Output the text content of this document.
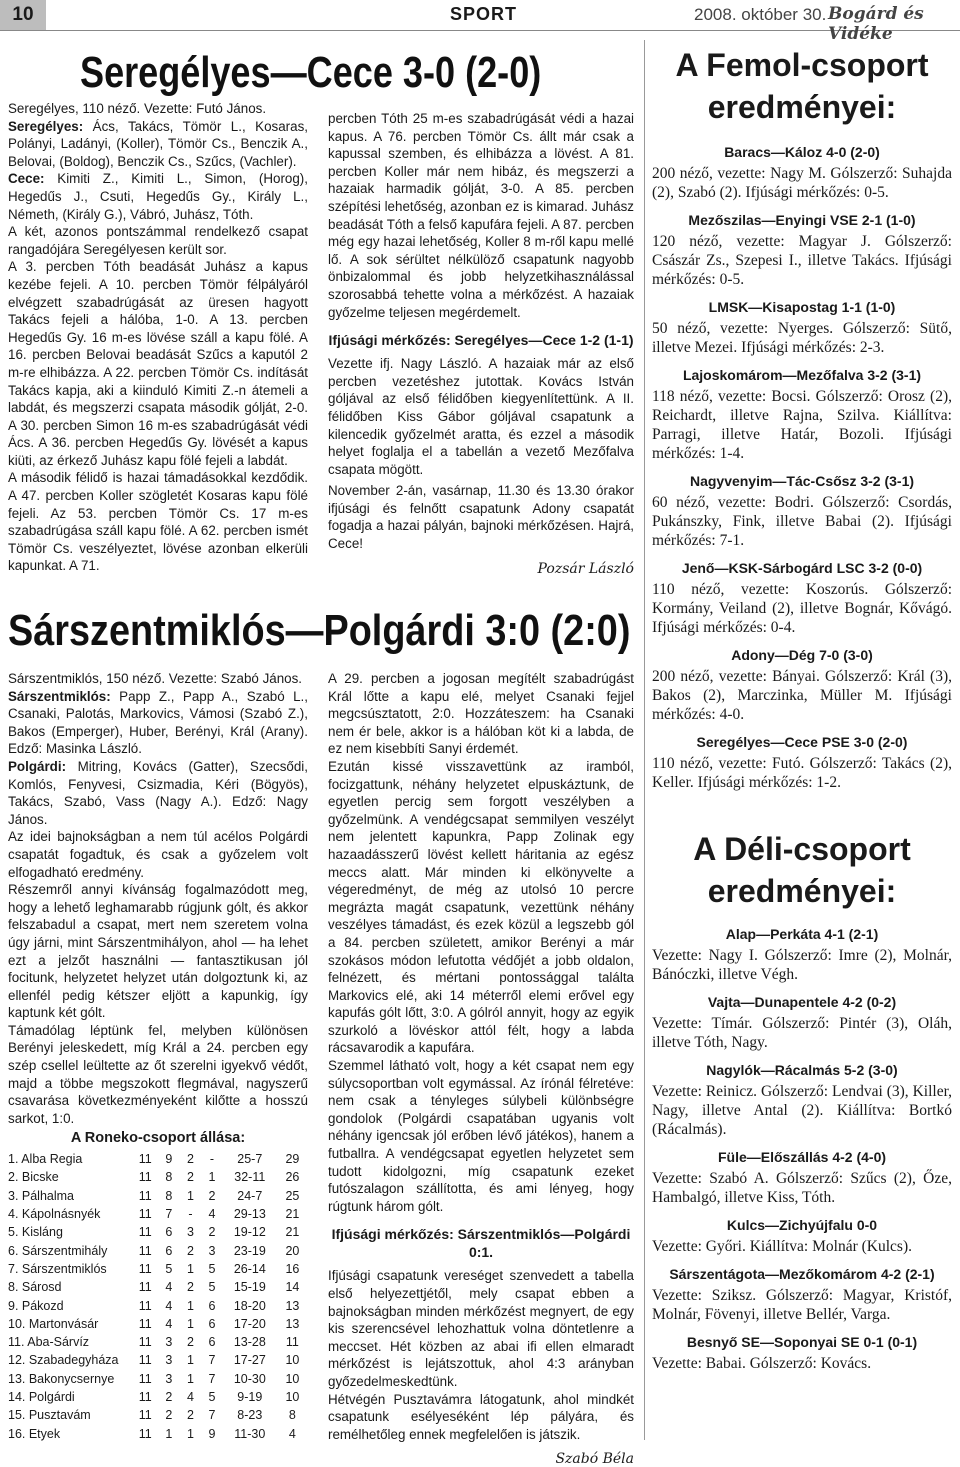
10	SPORT	2008. október 30. Bogárd és Vidéke
Seregélyes—Cece 3-0 (2-0)

Seregélyes, 110 néző. Vezette: Futó János.

Seregélyes: Ács, Takács, Tömör L., Kosaras, Polányi, Ladányi, (Koller), Tömör Cs., Benczik A., Belovai, (Boldog), Benczik Cs., Szűcs, (Vachler).

Cece: Kimiti Z., Kimiti L., Simon, (Horog), Hegedűs J., Csuti, Hegedűs Gy., Király L., Németh, (Király G.), Vábró, Juhász, Tóth.

A két, azonos pontszámmal rendelkező csapat rangadójára Seregélyesen került sor.

A 3. percben Tóth beadását Juhász a kapus kezébe fejeli. A 10. percben Tömör félpályáról elvégzett szabadrúgását az üresen hagyott Takács fejeli a hálóba, 1-0. A 13. percben Hegedűs Gy. 16 m-es lövése száll a kapu fölé. A 16. percben Belovai beadását Szűcs a kaputól 2 m-re elhibázza. A 22. percben Tömör Cs. indítását Takács kapja, aki a kiinduló Kimiti Z.-n átemeli a labdát, és megszerzi csapata második gólját, 2-0. A 30. percben Simon 16 m-es szabadrúgását védi Ács. A 36. percben Hegedűs Gy. lövését a kapus kiüti, az érkező Juhász kapu fölé fejeli a labdát.

A második félidő is hazai támadásokkal kezdődik. A 47. percben Koller szögletét Kosaras kapu fölé fejeli. Az 53. percben Tömör Cs. 17 m-es szabadrúgása száll kapu fölé. A 62. percben ismét Tömör Cs. veszélyeztet, lövése azonban elkerüli kapunkat. A 71.

percben Tóth 25 m-es szabadrúgását védi a hazai kapus. A 76. percben Tömör Cs. állt már csak a kapussal szemben, és elhibázza a lövést. A 81. percben Koller már nem hibáz, és megszerzi a hazaiak harmadik gólját, 3-0. A 85. percben szépítési lehetőség, azonban ez is kimarad. Juhász beadását Tóth a felső kapufára fejeli. A 87. percben még egy hazai lehetőség, Koller 8 m-ről kapu mellé lő. A sok sérültet nélkülöző csapatunk nagyobb önbizalommal és jobb helyzetkihasználással szorosabbá tehette volna a mérkőzést. A hazaiak győzelme teljesen megérdemelt.

Ifjúsági mérkőzés: Seregélyes—Cece 1-2 (1-1)

Vezette ifj. Nagy László. A hazaiak már az első percben vezetéshez jutottak. Kovács István góljával az első félidőben kiegyenlítettünk. A II. félidőben Kiss Gábor góljával csapatunk a kilencedik győzelmét aratta, és ezzel a második helyet foglalja el a tabellán a vezető Mezőfalva csapata mögött.

November 2-án, vasárnap, 11.30 és 13.30 órakor ifjúsági és felnőtt csapatunk Adony csapatát fogadja a hazai pályán, bajnoki mérkőzésen. Hajrá, Cece!

Pozsár László
Sárszentmiklós—Polgárdi 3:0 (2:0)

Sárszentmiklós, 150 néző. Vezette: Szabó János.

Sárszentmiklós: Papp Z., Papp A., Szabó L., Csanaki, Palotás, Markovics, Vámosi (Szabó Z.), Bakos (Emperger), Huber, Berényi, Král (Arany). Edző: Masinka László.

Polgárdi: Mitring, Kovács (Gatter), Szecsődi, Komlós, Fenyvesi, Csizmadia, Kéri (Bögyös), Takács, Szabó, Vass (Nagy A.). Edző: Nagy János.

Az idei bajnokságban a nem túl acélos Polgárdi csapatát fogadtuk, és csak a győzelem volt elfogadható eredmény.

Részemről annyi kívánság fogalmazódott meg, hogy a lehető leghamarabb rúgjunk gólt, és akkor felszabadul a csapat, mert nem szeretem volna úgy járni, mint Sárszentmihályon, ahol — ha lehet ezt a jelzőt használni — fantasztikusan jól focitunk, helyzetet helyzet után dolgoztunk ki, az ellenfél pedig kétszer eljött a kapunkig, így kaptunk két gólt.

Támadólag léptünk fel, melyben különösen Berényi jeleskedett, míg Král a 24. percben egy szép csellel leültette az őt szerelni igyekvő védőt, majd a többe megszokott flegmával, nagyszerű csavarása következményeként kilőtte a hosszú sarkot, 1:0.

A 29. percben a jogosan megítélt szabadrúgást Král lőtte a kapu elé, melyet Csanaki fejjel megcsúsztatott, 2:0. Hozzáteszem: ha Csanaki nem ér bele, akkor is a hálóban köt ki a labda, de ez nem kisebbíti Sanyi érdemét.

Ezután kissé visszavettünk az iramból, focizgattunk, néhány helyzetet elpuskáztunk, de egyetlen percig sem forgott veszélyben a győzelmünk. A vendégcsapat semmilyen veszélyt nem jelentett kapunkra, Papp Zolinak egy hazaadásszerű lövést kellett háritania az egész meccs alatt. Már minden ki elkönyvelte a végeredményt, de még az utolsó 10 percre megrázta magát csapatunk, vezettünk néhány veszélyes támadást, és ezek közül a legszebb gól a 84. percben született, amikor Berényi a már szokásos módon lefutotta védőjét a jobb oldalon, felnézett, és mértani pontossággal találta Markovics elé, aki 14 méterről elemi erővel egy kapufás gólt lőtt, 3:0. A gólról annyit, hogy az egyik szurkoló a lövéskor attól félt, hogy a labda rácsavarodik a kapufára.

Szemmel látható volt, hogy a két csapat nem egy súlycsoportban volt egymással. Az írónál félretéve: nem csak a tényleges súlybeli különbségre gondolok (Polgárdi csapatában ugyanis volt néhány igencsak jól erőben lévő játékos), hanem a futballra. A vendégcsapat egyetlen helyzetet sem tudott kidolgozni, míg csapatunk ezeket futószalagon szállította, és ami lényeg, hogy rúgtunk három gólt.

Ifjúsági mérkőzés: Sárszentmiklós—Polgárdi 0:1.

Ifjúsági csapatunk vereséget szenvedett a tabella első helyezettjétől, mely csapat ebben a bajnokságban minden mérkőzést megnyert, de egy kis szerencsével lehozhattuk volna döntetlenre a meccset. Hét közben az abai ifi ellen elmaradt mérkőzést is lejátszottuk, ahol 4:3 arányban győzedelmeskedtünk.

Hétvégén Pusztavámra látogatunk, ahol mindkét csapatunk esélyeséként lép pályára, és remélhetőleg ennek megfelelően is játszik.

Szabó Béla
A Roneko-csoport állása:
1. Alba Regia	11	9	2	-	25-7	29
2. Bicske	11	8	2	1	32-11	26
3. Pálhalma	11	8	1	2	24-7	25
4. Kápolnásnyék	11	7	-	4	29-13	21
5. Kisláng	11	6	3	2	19-12	21
6. Sárszentmihály	11	6	2	3	23-19	20
7. Sárszentmiklós	11	5	1	5	26-14	16
8. Sárosd	11	4	2	5	15-19	14
9. Pákozd	11	4	1	6	18-20	13
10. Martonvásár	11	4	1	6	17-20	13
11. Aba-Sárvíz	11	3	2	6	13-28	11
12. Szabadegyháza	11	3	1	7	17-27	10
13. Bakonycsernye	11	3	1	7	10-30	10
14. Polgárdi	11	2	4	5	9-19	10
15. Pusztavám	11	2	2	7	8-23	8
16. Etyek	11	1	1	9	11-30	4
A Femol-csoport eredményei:
Baracs—Káloz 4-0 (2-0)

200 néző, vezette: Nagy M. Gólszerző: Suhajda (2), Szabó (2). Ifjúsági mérkőzés: 0-5.

Mezőszilas—Enyingi VSE 2-1 (1-0)

120 néző, vezette: Magyar J. Gólszerző: Császár Zs., Szepesi I., illetve Takács. Ifjúsági mérkőzés: 0-5.

LMSK—Kisapostag 1-1 (1-0)

50 néző, vezette: Nyerges. Gólszerző: Sütő, illetve Mezei. Ifjúsági mérkőzés: 2-3.

Lajoskomárom—Mezőfalva 3-2 (3-1)

118 néző, vezette: Bocsi. Gólszerző: Orosz (2), Reichardt, illetve Rajna, Szilva. Kiállítva: Parragi, illetve Határ, Bozoli. Ifjúsági mérkőzés: 1-4.

Nagyvenyim—Tác-Csősz 3-2 (3-1)

60 néző, vezette: Bodri. Gólszerző: Csordás, Pukánszky, Fink, illetve Babai (2). Ifjúsági mérkőzés: 7-1.

Jenő—KSK-Sárbogárd LSC 3-2 (0-0)

110 néző, vezette: Koszorús. Gólszerző: Kormány, Veiland (2), illetve Bognár, Kővágó. Ifjúsági mérkőzés: 0-4.

Adony—Dég 7-0 (3-0)

200 néző, vezette: Bányai. Gólszerző: Král (3), Bakos (2), Marczinka, Müller M. Ifjúsági mérkőzés: 4-0.

Seregélyes—Cece PSE 3-0 (2-0)

110 néző, vezette: Futó. Gólszerző: Takács (2), Keller. Ifjúsági mérkőzés: 1-2.

A Déli-csoport eredményei:
Alap—Perkáta 4-1 (2-1)

Vezette: Nagy I. Gólszerző: Imre (2), Molnár, Bánóczki, illetve Végh.

Vajta—Dunapentele 4-2 (0-2)

Vezette: Tímár. Gólszerző: Pintér (3), Oláh, illetve Tóth, Nagy.

Nagylók—Rácalmás 5-2 (3-0)

Vezette: Reinicz. Gólszerző: Lendvai (3), Killer, Nagy, illetve Antal (2). Kiállítva: Bortkó (Rácalmás).

Füle—Előszállás 4-2 (4-0)

Vezette: Szabó A. Gólszerző: Szűcs (2), Őze, Hambalgó, illetve Kiss, Tóth.

Kulcs—Zichyújfalu 0-0

Vezette: Győri. Kiállítva: Molnár (Kulcs).

Sárszentágota—Mezőkomárom 4-2 (2-1)

Vezette: Sziksz. Gólszerző: Magyar, Kristóf, Molnár, Fövenyi, illetve Bellér, Varga.

Besnyő SE—Soponyai SE 0-1 (0-1)

Vezette: Babai. Gólszerző: Kovács.
